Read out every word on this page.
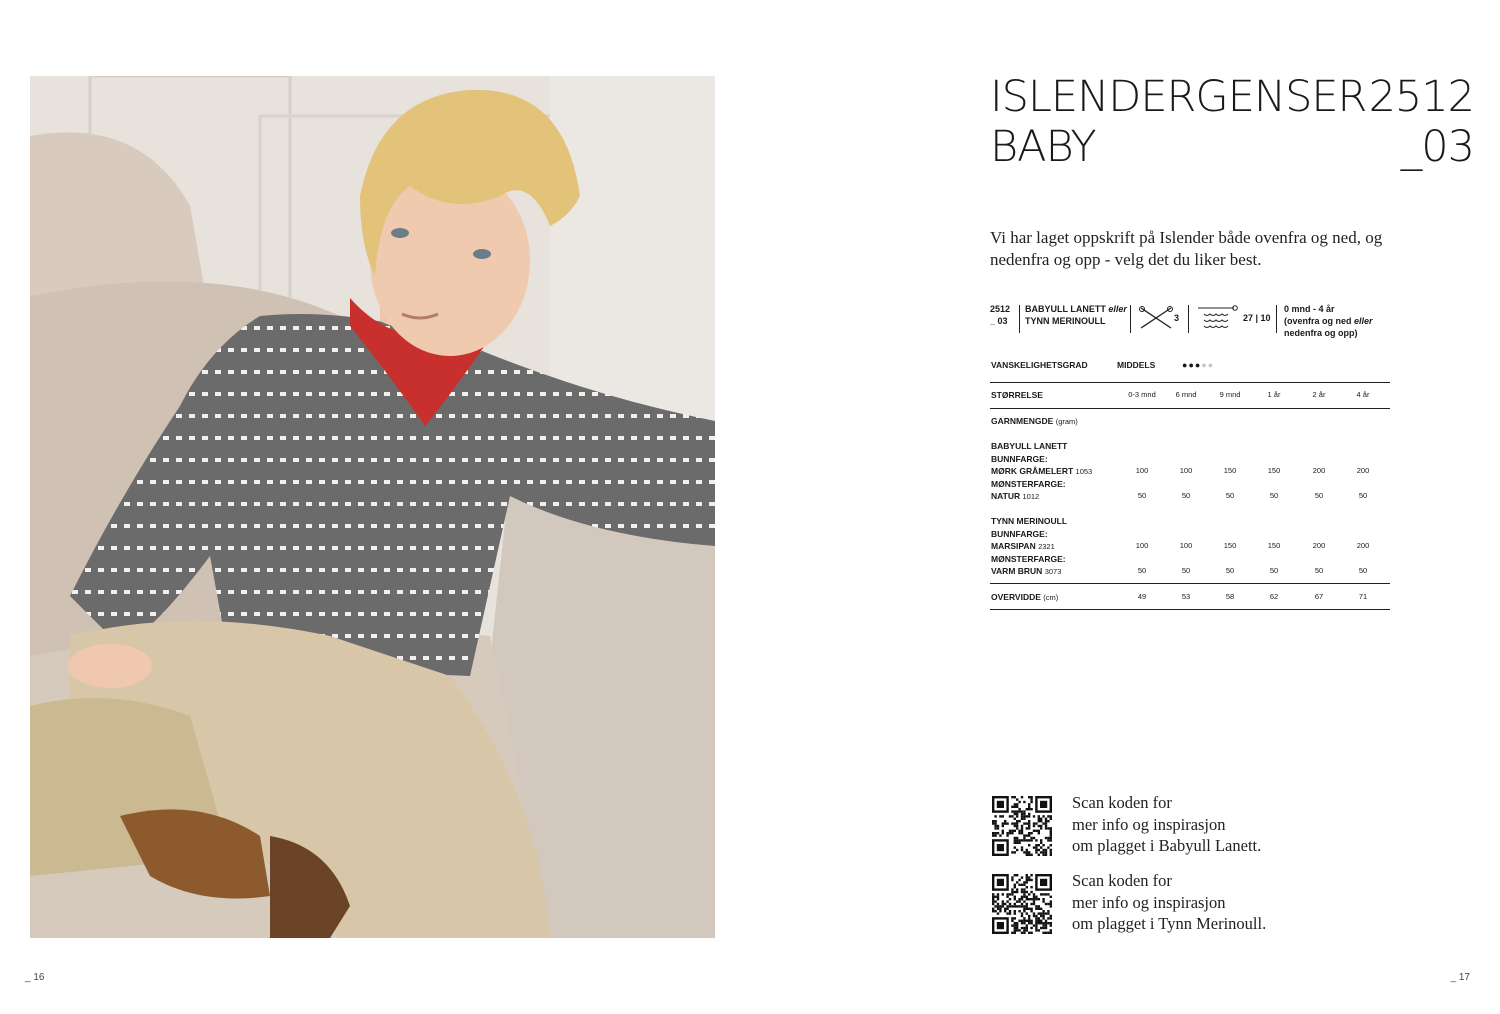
_ 16	_ 17
ISLENDERGENSER
BABY
2512
_03
Vi har laget oppskrift på Islender både ovenfra og ned, og nedenfra og opp - velg det du liker best.
2512
_ 03
BABYULL LANETT eller
TYNN MERINOULL	3	27 | 10
0 mnd - 4 år
(ovenfra og ned eller
nedenfra og opp)
VANSKELIGHETSGRAD	MIDDELS	●●●●●
STØRRELSE	0-3 mnd	6 mnd	9 mnd	1 år	2 år	4 år
GARNMENGDE (gram)
BABYULL LANETT
BUNNFARGE:
MØRK GRÅMELERT 1053	100	100	150	150	200	200
MØNSTERFARGE:
NATUR 1012	50	50	50	50	50	50
TYNN MERINOULL
BUNNFARGE:
MARSIPAN 2321	100	100	150	150	200	200
MØNSTERFARGE:
VARM BRUN 3073	50	50	50	50	50	50
OVERVIDDE (cm)	49	53	58	62	67	71
Scan koden for
mer info og inspirasjon
om plagget i Babyull Lanett.
Scan koden for
mer info og inspirasjon
om plagget i Tynn Merinoull.
